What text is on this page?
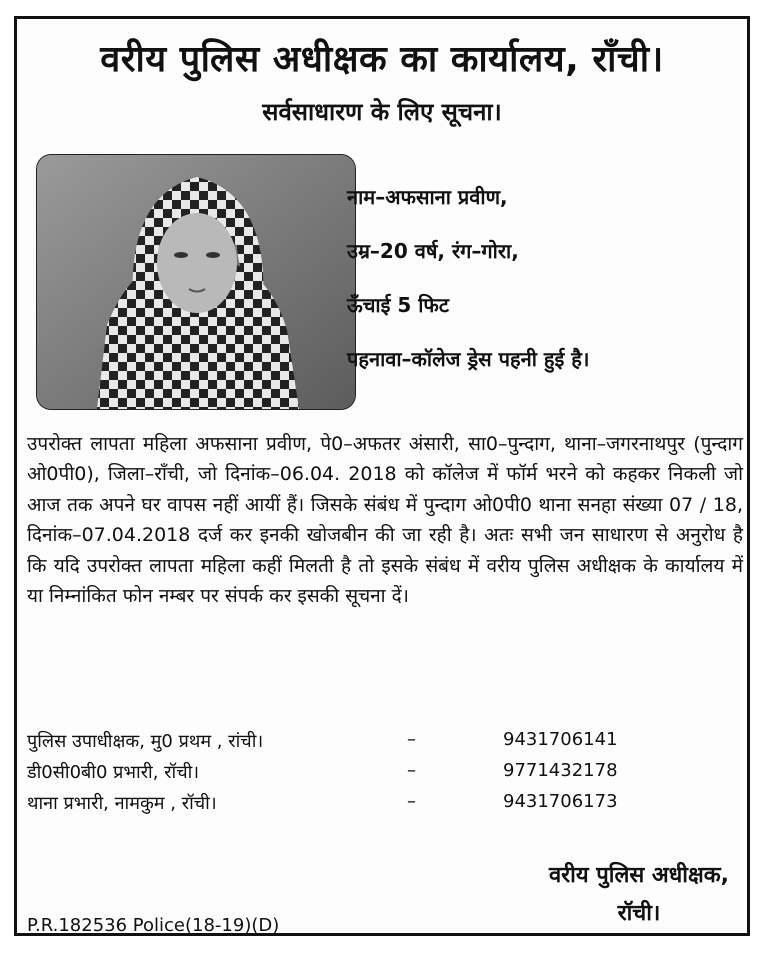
वरीय पुलिस अधीक्षक का कार्यालय, राँची।
सर्वसाधारण के लिए सूचना।
नाम–अफसाना प्रवीण,
उम्र–20 वर्ष, रंग–गोरा,
ऊँचाई 5 फिट
पहनावा–कॉलेज ड्रेस पहनी हुई है।

उपरोक्त लापता महिला अफसाना प्रवीण, पे0–अफतर अंसारी, सा0–पुन्दाग, थाना–जगरनाथपुर (पुन्दाग ओ0पी0), जिला–राँची, जो दिनांक–06.04. 2018 को कॉलेज में फॉर्म भरने को कहकर निकली जो आज तक अपने घर वापस नहीं आयीं हैं। जिसके संबंध में पुन्दाग ओ0पी0 थाना सनहा संख्या 07 / 18, दिनांक–07.04.2018 दर्ज कर इनकी खोजबीन की जा रही है। अतः सभी जन साधारण से अनुरोध है कि यदि उपरोक्त लापता महिला कहीं मिलती है तो इसके संबंध में वरीय पुलिस अधीक्षक के कार्यालय में या निम्नांकित फोन नम्बर पर संपर्क कर इसकी सूचना दें।

पुलिस उपाधीक्षक, मु0 प्रथम , रांची।	–	9431706141
डी0सी0बी0 प्रभारी, रॉची।	–	9771432178
थाना प्रभारी, नामकुम , रॉची।	–	9431706173
वरीय पुलिस अधीक्षक,
रॉची।
P.R.182536 Police(18-19)(D)
